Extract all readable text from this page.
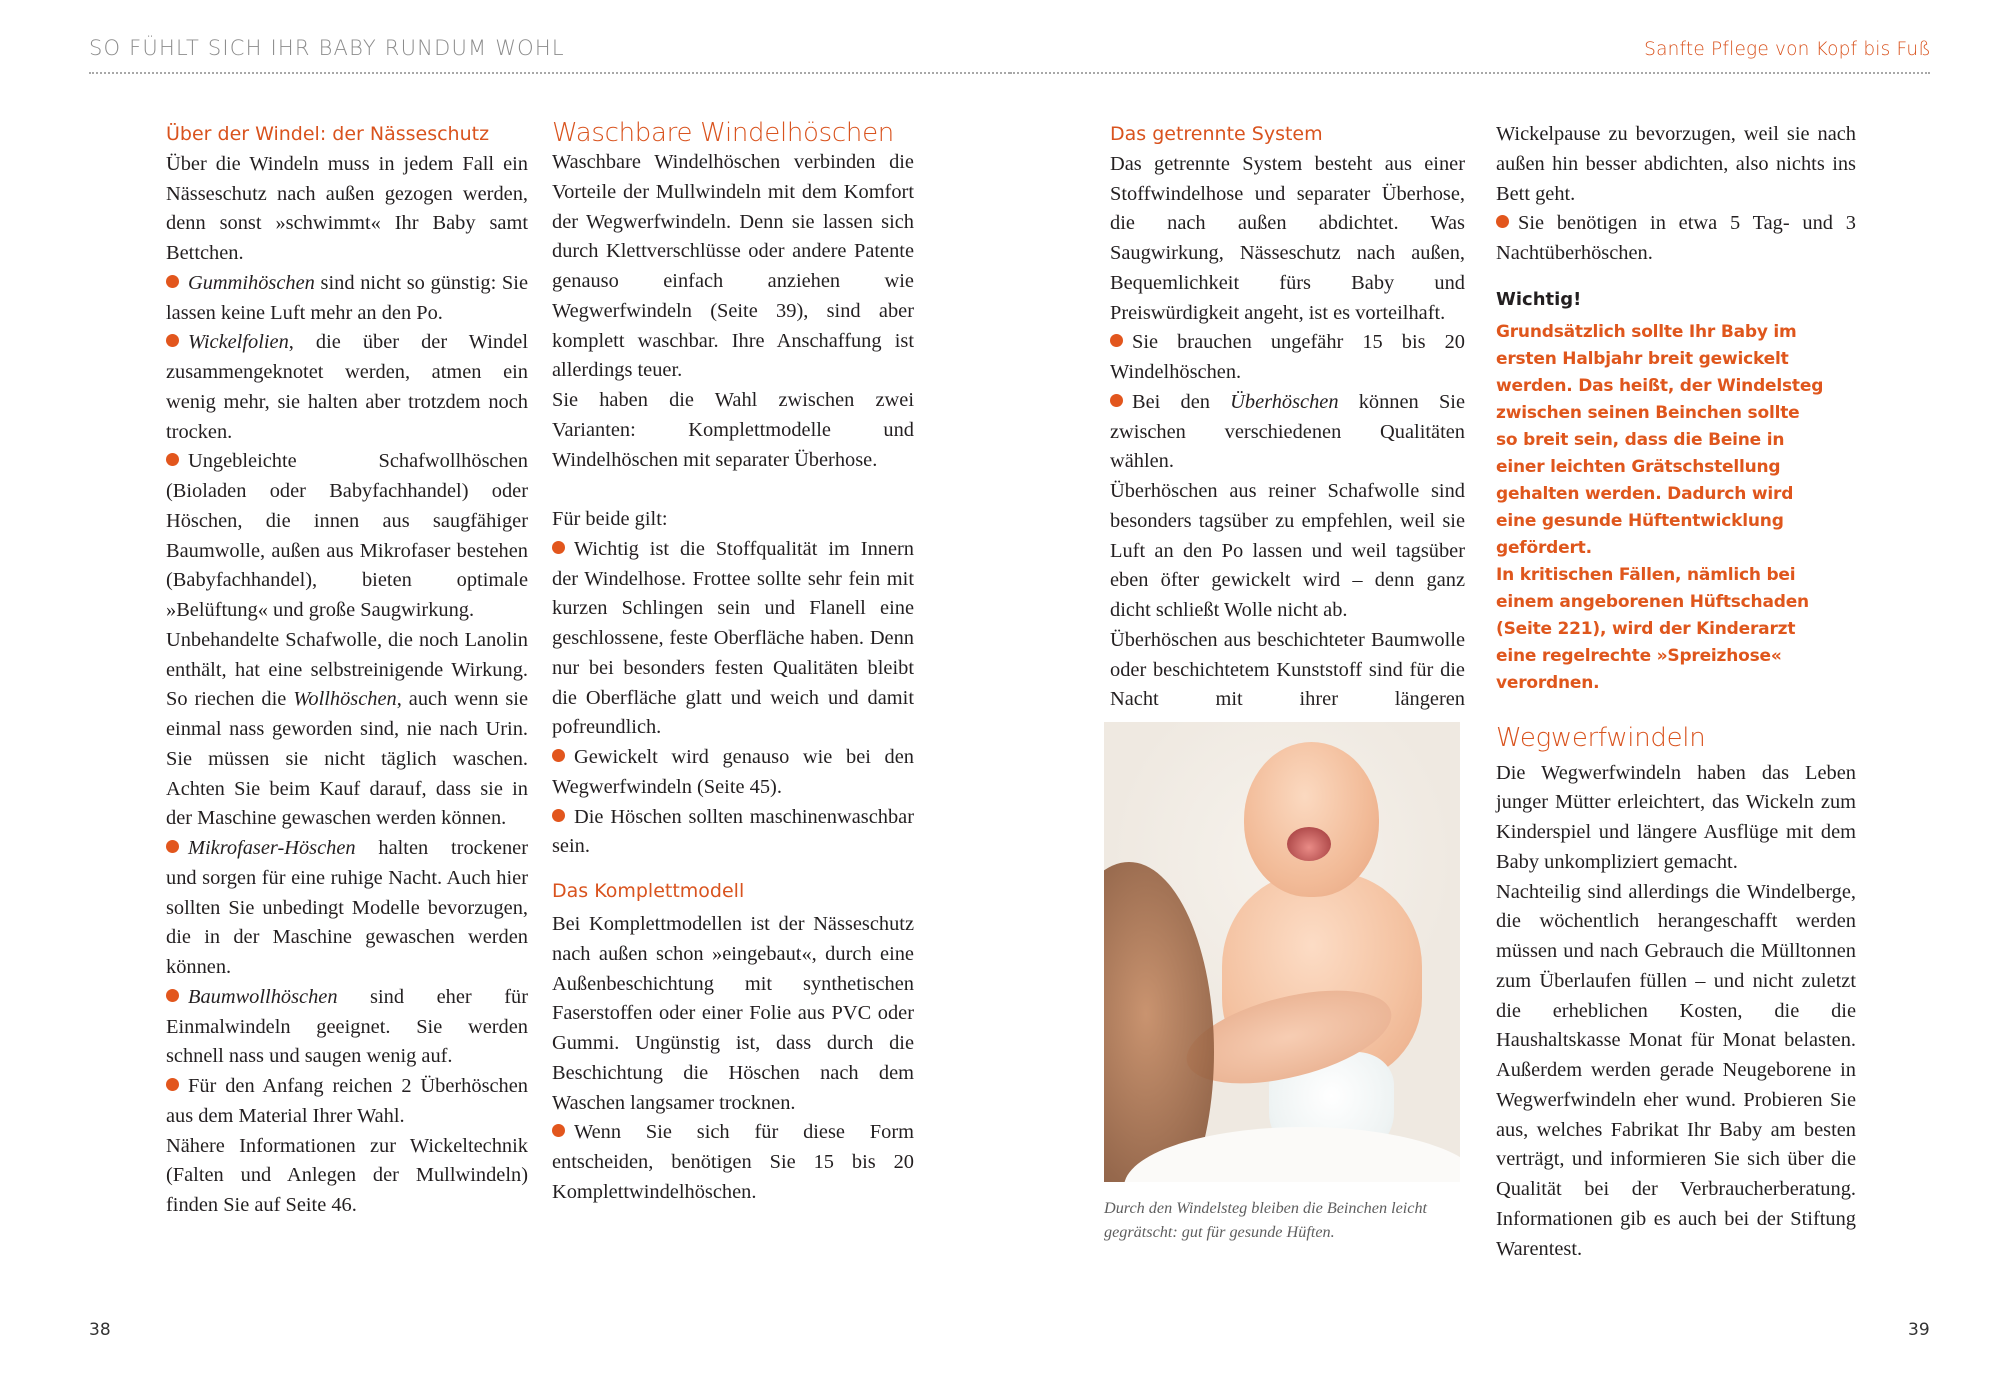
SO FÜHLT SICH IHR BABY RUNDUM WOHL	Sanfte Pflege von Kopf bis Fuß
Über der Windel: der Nässeschutz

Über die Windeln muss in jedem Fall ein Nässeschutz nach außen gezogen werden, denn sonst »schwimmt« Ihr Baby samt Bettchen.

Gummihöschen sind nicht so günstig: Sie lassen keine Luft mehr an den Po.

Wickelfolien, die über der Windel zusammengeknotet werden, atmen ein wenig mehr, sie halten aber trotzdem noch trocken.

Ungebleichte Schafwollhöschen (Bioladen oder Babyfachhandel) oder Höschen, die innen aus saugfähiger Baumwolle, außen aus Mikrofaser bestehen (Babyfachhandel), bieten optimale »Belüftung« und große Saugwirkung.

Unbehandelte Schafwolle, die noch Lanolin enthält, hat eine selbstreinigende Wirkung. So riechen die Wollhöschen, auch wenn sie einmal nass geworden sind, nie nach Urin. Sie müssen sie nicht täglich waschen. Achten Sie beim Kauf darauf, dass sie in der Maschine gewaschen werden können.

Mikrofaser-Höschen halten trockener und sorgen für eine ruhige Nacht. Auch hier sollten Sie unbedingt Modelle bevorzugen, die in der Maschine gewaschen werden können.

Baumwollhöschen sind eher für Einmalwindeln geeignet. Sie werden schnell nass und saugen wenig auf.

Für den Anfang reichen 2 Überhöschen aus dem Material Ihrer Wahl.

Nähere Informationen zur Wickeltechnik (Falten und Anlegen der Mullwindeln) finden Sie auf Seite 46.

Waschbare Windelhöschen

Waschbare Windelhöschen verbinden die Vorteile der Mullwindeln mit dem Komfort der Wegwerfwindeln. Denn sie lassen sich durch Klettverschlüsse oder andere Patente genauso einfach anziehen wie Wegwerfwindeln (Seite 39), sind aber komplett waschbar. Ihre Anschaffung ist allerdings teuer.

Sie haben die Wahl zwischen zwei Varianten: Komplettmodelle und Windelhöschen mit separater Überhose.

Für beide gilt:

Wichtig ist die Stoffqualität im Innern der Windelhose. Frottee sollte sehr fein mit kurzen Schlingen sein und Flanell eine geschlossene, feste Oberfläche haben. Denn nur bei besonders festen Qualitäten bleibt die Oberfläche glatt und weich und damit pofreundlich.

Gewickelt wird genauso wie bei den Wegwerfwindeln (Seite 45).

Die Höschen sollten maschinenwaschbar sein.

Das Komplettmodell

Bei Komplettmodellen ist der Nässeschutz nach außen schon »eingebaut«, durch eine Außenbeschichtung mit synthetischen Faserstoffen oder einer Folie aus PVC oder Gummi. Ungünstig ist, dass durch die Beschichtung die Höschen nach dem Waschen langsamer trocknen.

Wenn Sie sich für diese Form entscheiden, benötigen Sie 15 bis 20 Komplettwindelhöschen.

Das getrennte System

Das getrennte System besteht aus einer Stoffwindelhose und separater Überhose, die nach außen abdichtet. Was Saugwirkung, Nässeschutz nach außen, Bequemlichkeit fürs Baby und Preiswürdigkeit angeht, ist es vorteilhaft.

Sie brauchen ungefähr 15 bis 20 Windelhöschen.

Bei den Überhöschen können Sie zwischen verschiedenen Qualitäten wählen.

Überhöschen aus reiner Schafwolle sind besonders tagsüber zu empfehlen, weil sie Luft an den Po lassen und weil tagsüber eben öfter gewickelt wird – denn ganz dicht schließt Wolle nicht ab.

Überhöschen aus beschichteter Baumwolle oder beschichtetem Kunststoff sind für die Nacht mit ihrer längeren

Durch den Windelsteg bleiben die Beinchen leicht gegrätscht: gut für gesunde Hüften.

Wickelpause zu bevorzugen, weil sie nach außen hin besser abdichten, also nichts ins Bett geht.

Sie benötigen in etwa 5 Tag- und 3 Nachtüberhöschen.

Wichtig!

Grundsätzlich sollte Ihr Baby im ersten Halbjahr breit gewickelt werden. Das heißt, der Windelsteg zwischen seinen Beinchen sollte so breit sein, dass die Beine in einer leichten Grätschstellung gehalten werden. Dadurch wird eine gesunde Hüftentwicklung gefördert.

In kritischen Fällen, nämlich bei einem angeborenen Hüftschaden (Seite 221), wird der Kinderarzt eine regelrechte »Spreizhose« verordnen.

Wegwerfwindeln

Die Wegwerfwindeln haben das Leben junger Mütter erleichtert, das Wickeln zum Kinderspiel und längere Ausflüge mit dem Baby unkompliziert gemacht.

Nachteilig sind allerdings die Windelberge, die wöchentlich herangeschafft werden müssen und nach Gebrauch die Mülltonnen zum Überlaufen füllen – und nicht zuletzt die erheblichen Kosten, die die Haushaltskasse Monat für Monat belasten. Außerdem werden gerade Neugeborene in Wegwerfwindeln eher wund. Probieren Sie aus, welches Fabrikat Ihr Baby am besten verträgt, und informieren Sie sich über die Qualität bei der Verbraucherberatung. Informationen gib es auch bei der Stiftung Warentest.

38	39
